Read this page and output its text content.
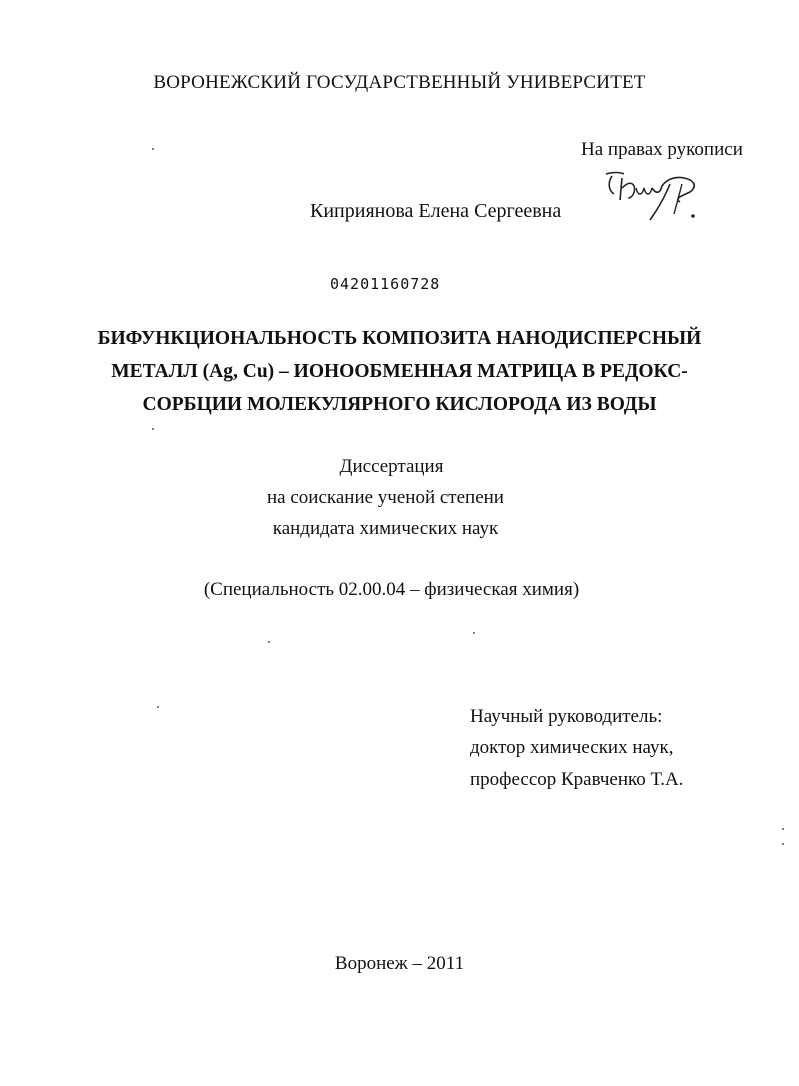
ВОРОНЕЖСКИЙ ГОСУДАРСТВЕННЫЙ УНИВЕРСИТЕТ
На правах рукописи
Киприянова Елена Сергеевна
04201160728
БИФУНКЦИОНАЛЬНОСТЬ КОМПОЗИТА НАНОДИСПЕРСНЫЙ
МЕТАЛЛ (Ag, Cu) – ИОНООБМЕННАЯ МАТРИЦА В РЕДОКС-
СОРБЦИИ МОЛЕКУЛЯРНОГО КИСЛОРОДА ИЗ ВОДЫ
Диссертация
на соискание ученой степени
кандидата химических наук
(Специальность 02.00.04 – физическая химия)
Научный руководитель:
доктор химических наук,
профессор Кравченко Т.А.
Воронеж – 2011
